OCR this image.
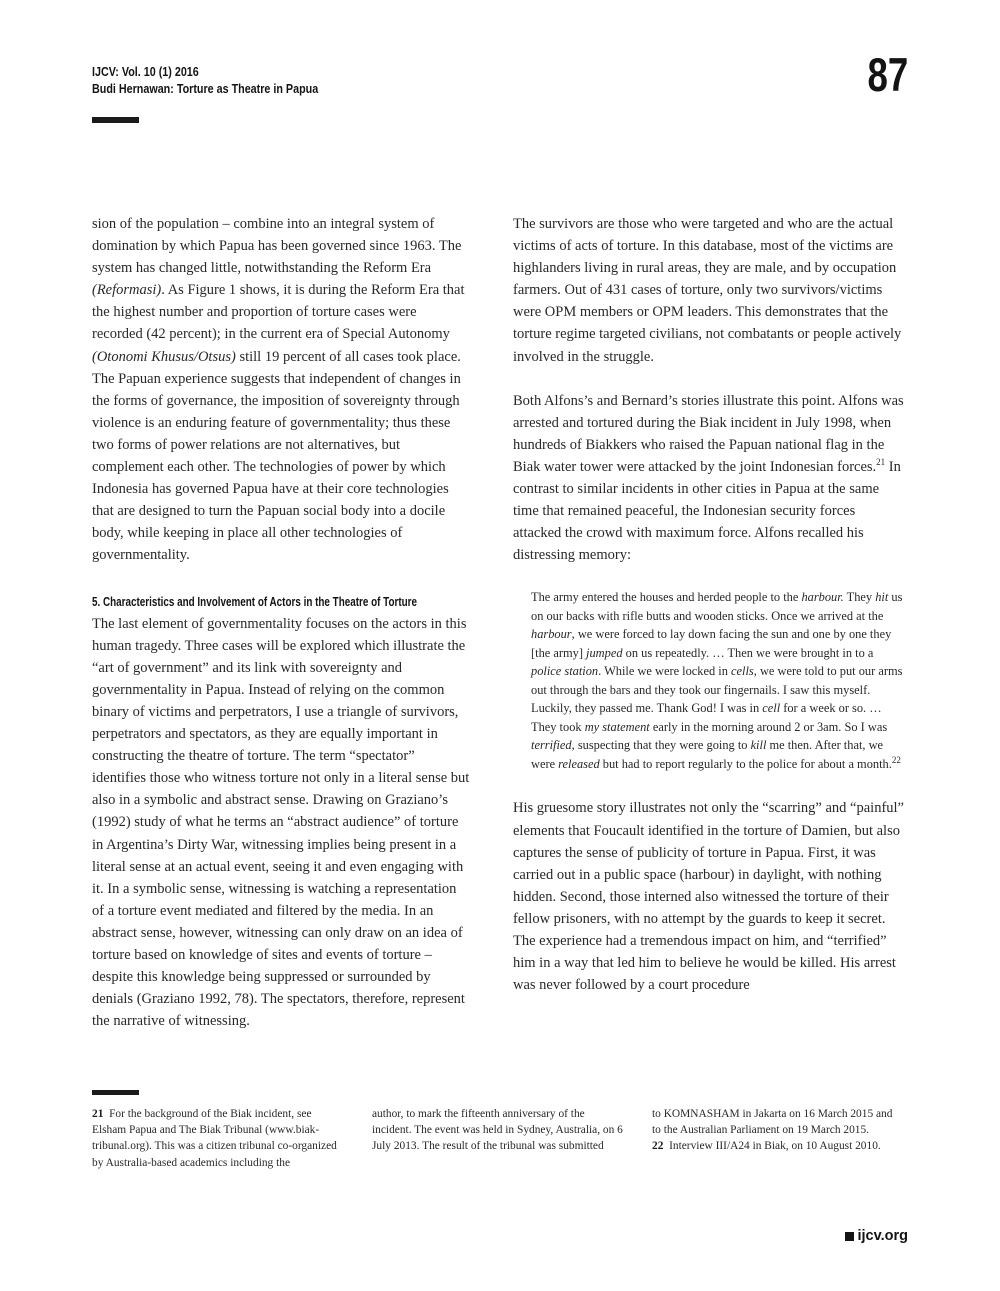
IJCV: Vol. 10 (1) 2016
Budi Hernawan: Torture as Theatre in Papua	87

sion of the population – combine into an integral system of domination by which Papua has been governed since 1963. The system has changed little, notwithstanding the Reform Era (Reformasi). As Figure 1 shows, it is during the Reform Era that the highest number and proportion of torture cases were recorded (42 percent); in the current era of Special Autonomy (Otonomi Khusus/Otsus) still 19 percent of all cases took place. The Papuan experience suggests that independent of changes in the forms of governance, the imposition of sovereignty through violence is an enduring feature of governmentality; thus these two forms of power relations are not alternatives, but complement each other. The technologies of power by which Indonesia has governed Papua have at their core technologies that are designed to turn the Papuan social body into a docile body, while keeping in place all other technologies of governmentality.

5. Characteristics and Involvement of Actors in the Theatre of Torture

The last element of governmentality focuses on the actors in this human tragedy. Three cases will be explored which illustrate the “art of government” and its link with sovereignty and governmentality in Papua. Instead of relying on the common binary of victims and perpetrators, I use a triangle of survivors, perpetrators and spectators, as they are equally important in constructing the theatre of torture. The term “spectator” identifies those who witness torture not only in a literal sense but also in a symbolic and abstract sense. Drawing on Graziano’s (1992) study of what he terms an “abstract audience” of torture in Argentina’s Dirty War, witnessing implies being present in a literal sense at an actual event, seeing it and even engaging with it. In a symbolic sense, witnessing is watching a representation of a torture event mediated and filtered by the media. In an abstract sense, however, witnessing can only draw on an idea of torture based on knowledge of sites and events of torture – despite this knowledge being suppressed or surrounded by denials (Graziano 1992, 78). The spectators, therefore, represent the narrative of witnessing.

The survivors are those who were targeted and who are the actual victims of acts of torture. In this database, most of the victims are highlanders living in rural areas, they are male, and by occupation farmers. Out of 431 cases of torture, only two survivors/victims were OPM members or OPM leaders. This demonstrates that the torture regime targeted civilians, not combatants or people actively involved in the struggle.

Both Alfons’s and Bernard’s stories illustrate this point. Alfons was arrested and tortured during the Biak incident in July 1998, when hundreds of Biakkers who raised the Papuan national flag in the Biak water tower were attacked by the joint Indonesian forces.$^{21}$ In contrast to similar incidents in other cities in Papua at the same time that remained peaceful, the Indonesian security forces attacked the crowd with maximum force. Alfons recalled his distressing memory:

The army entered the houses and herded people to the harbour. They hit us on our backs with rifle butts and wooden sticks. Once we arrived at the harbour, we were forced to lay down facing the sun and one by one they [the army] jumped on us repeatedly. … Then we were brought in to a police station. While we were locked in cells, we were told to put our arms out through the bars and they took our fingernails. I saw this myself. Luckily, they passed me. Thank God! I was in cell for a week or so. … They took my statement early in the morning around 2 or 3am. So I was terrified, suspecting that they were going to kill me then. After that, we were released but had to report regularly to the police for about a month.$^{22}$

His gruesome story illustrates not only the “scarring” and “painful” elements that Foucault identified in the torture of Damien, but also captures the sense of publicity of torture in Papua. First, it was carried out in a public space (harbour) in daylight, with nothing hidden. Second, those interned also witnessed the torture of their fellow prisoners, with no attempt by the guards to keep it secret. The experience had a tremendous impact on him, and “terrified” him in a way that led him to believe he would be killed. His arrest was never followed by a court procedure

21  For the background of the Biak incident, see Elsham Papua and The Biak Tribunal (www.biak-tribunal.org). This was a citizen tribunal co-organized by Australia-based academics including the
author, to mark the fifteenth anniversary of the incident. The event was held in Sydney, Australia, on 6 July 2013. The result of the tribunal was submitted
to KOMNASHAM in Jakarta on 16 March 2015 and to the Australian Parliament on 19 March 2015.
22  Interview III/A24 in Biak, on 10 August 2010.
ijcv.org
